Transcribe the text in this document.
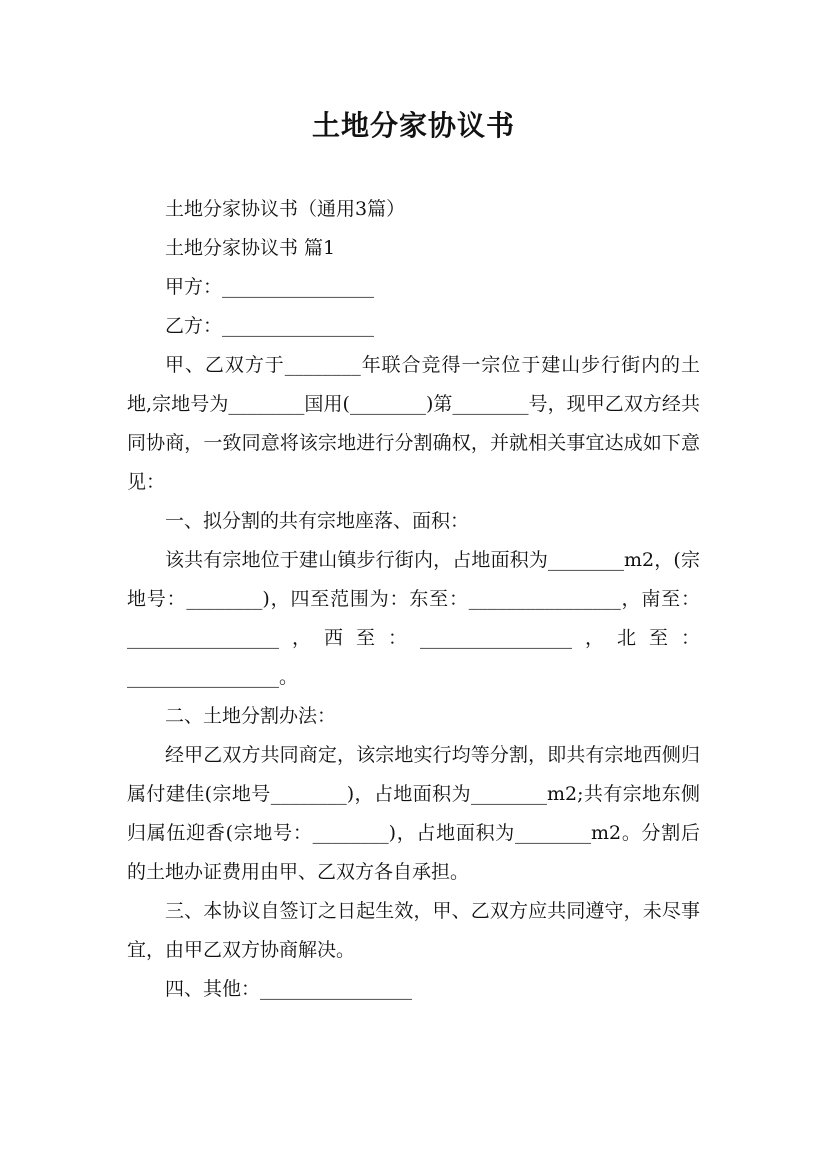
土地分家协议书

土地分家协议书（通用3篇）

土地分家协议书 篇1

甲方：________________

乙方：________________

甲、乙双方于________年联合竞得一宗位于建山步行街内的土地,宗地号为________国用(________)第________号，现甲乙双方经共同协商，一致同意将该宗地进行分割确权，并就相关事宜达成如下意见：

一、拟分割的共有宗地座落、面积：

该共有宗地位于建山镇步行街内，占地面积为________m2，(宗地号：________)，四至范围为：东至：________________，南至：________________，西至：________________，北至：________________。

二、土地分割办法：

经甲乙双方共同商定，该宗地实行均等分割，即共有宗地西侧归属付建佳(宗地号________)，占地面积为________m2;共有宗地东侧归属伍迎香(宗地号：________)，占地面积为________m2。分割后的土地办证费用由甲、乙双方各自承担。

三、本协议自签订之日起生效，甲、乙双方应共同遵守，未尽事宜，由甲乙双方协商解决。

四、其他：________________
